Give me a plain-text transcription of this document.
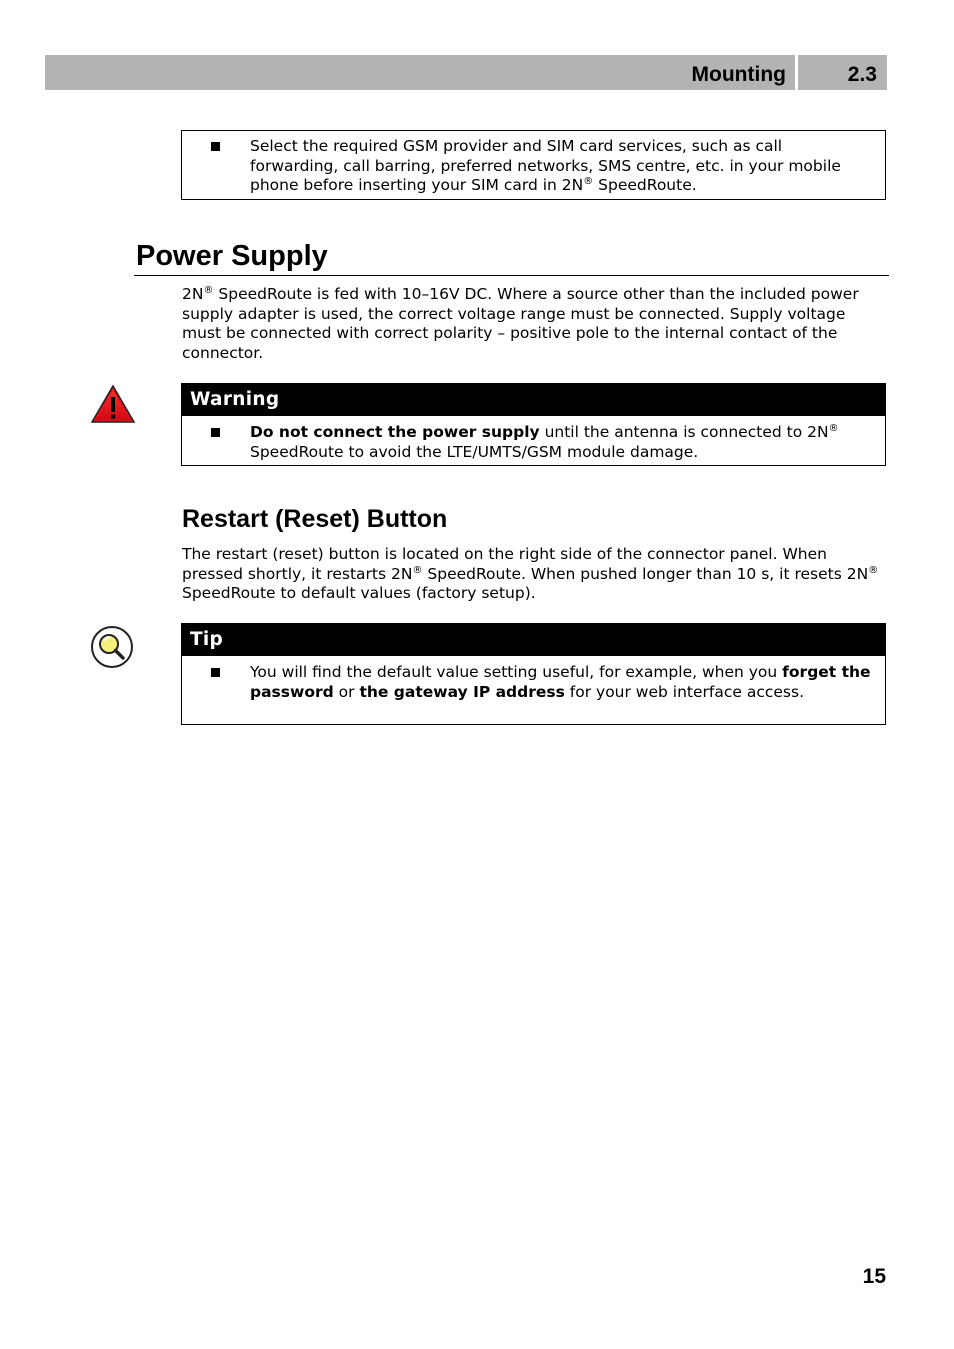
Mounting	2.3
Select the required GSM provider and SIM card services, such as call forwarding, call barring, preferred networks, SMS centre, etc. in your mobile phone before inserting your SIM card in 2N® SpeedRoute.
Power Supply
2N® SpeedRoute is fed with 10–16V DC. Where a source other than the included power supply adapter is used, the correct voltage range must be connected. Supply voltage must be connected with correct polarity – positive pole to the internal contact of the connector.
Warning
Do not connect the power supply until the antenna is connected to 2N® SpeedRoute to avoid the LTE/UMTS/GSM module damage.
Restart (Reset) Button
The restart (reset) button is located on the right side of the connector panel. When pressed shortly, it restarts 2N® SpeedRoute. When pushed longer than 10 s, it resets 2N® SpeedRoute to default values (factory setup).
Tip
You will find the default value setting useful, for example, when you forget the password or the gateway IP address for your web interface access.
15
